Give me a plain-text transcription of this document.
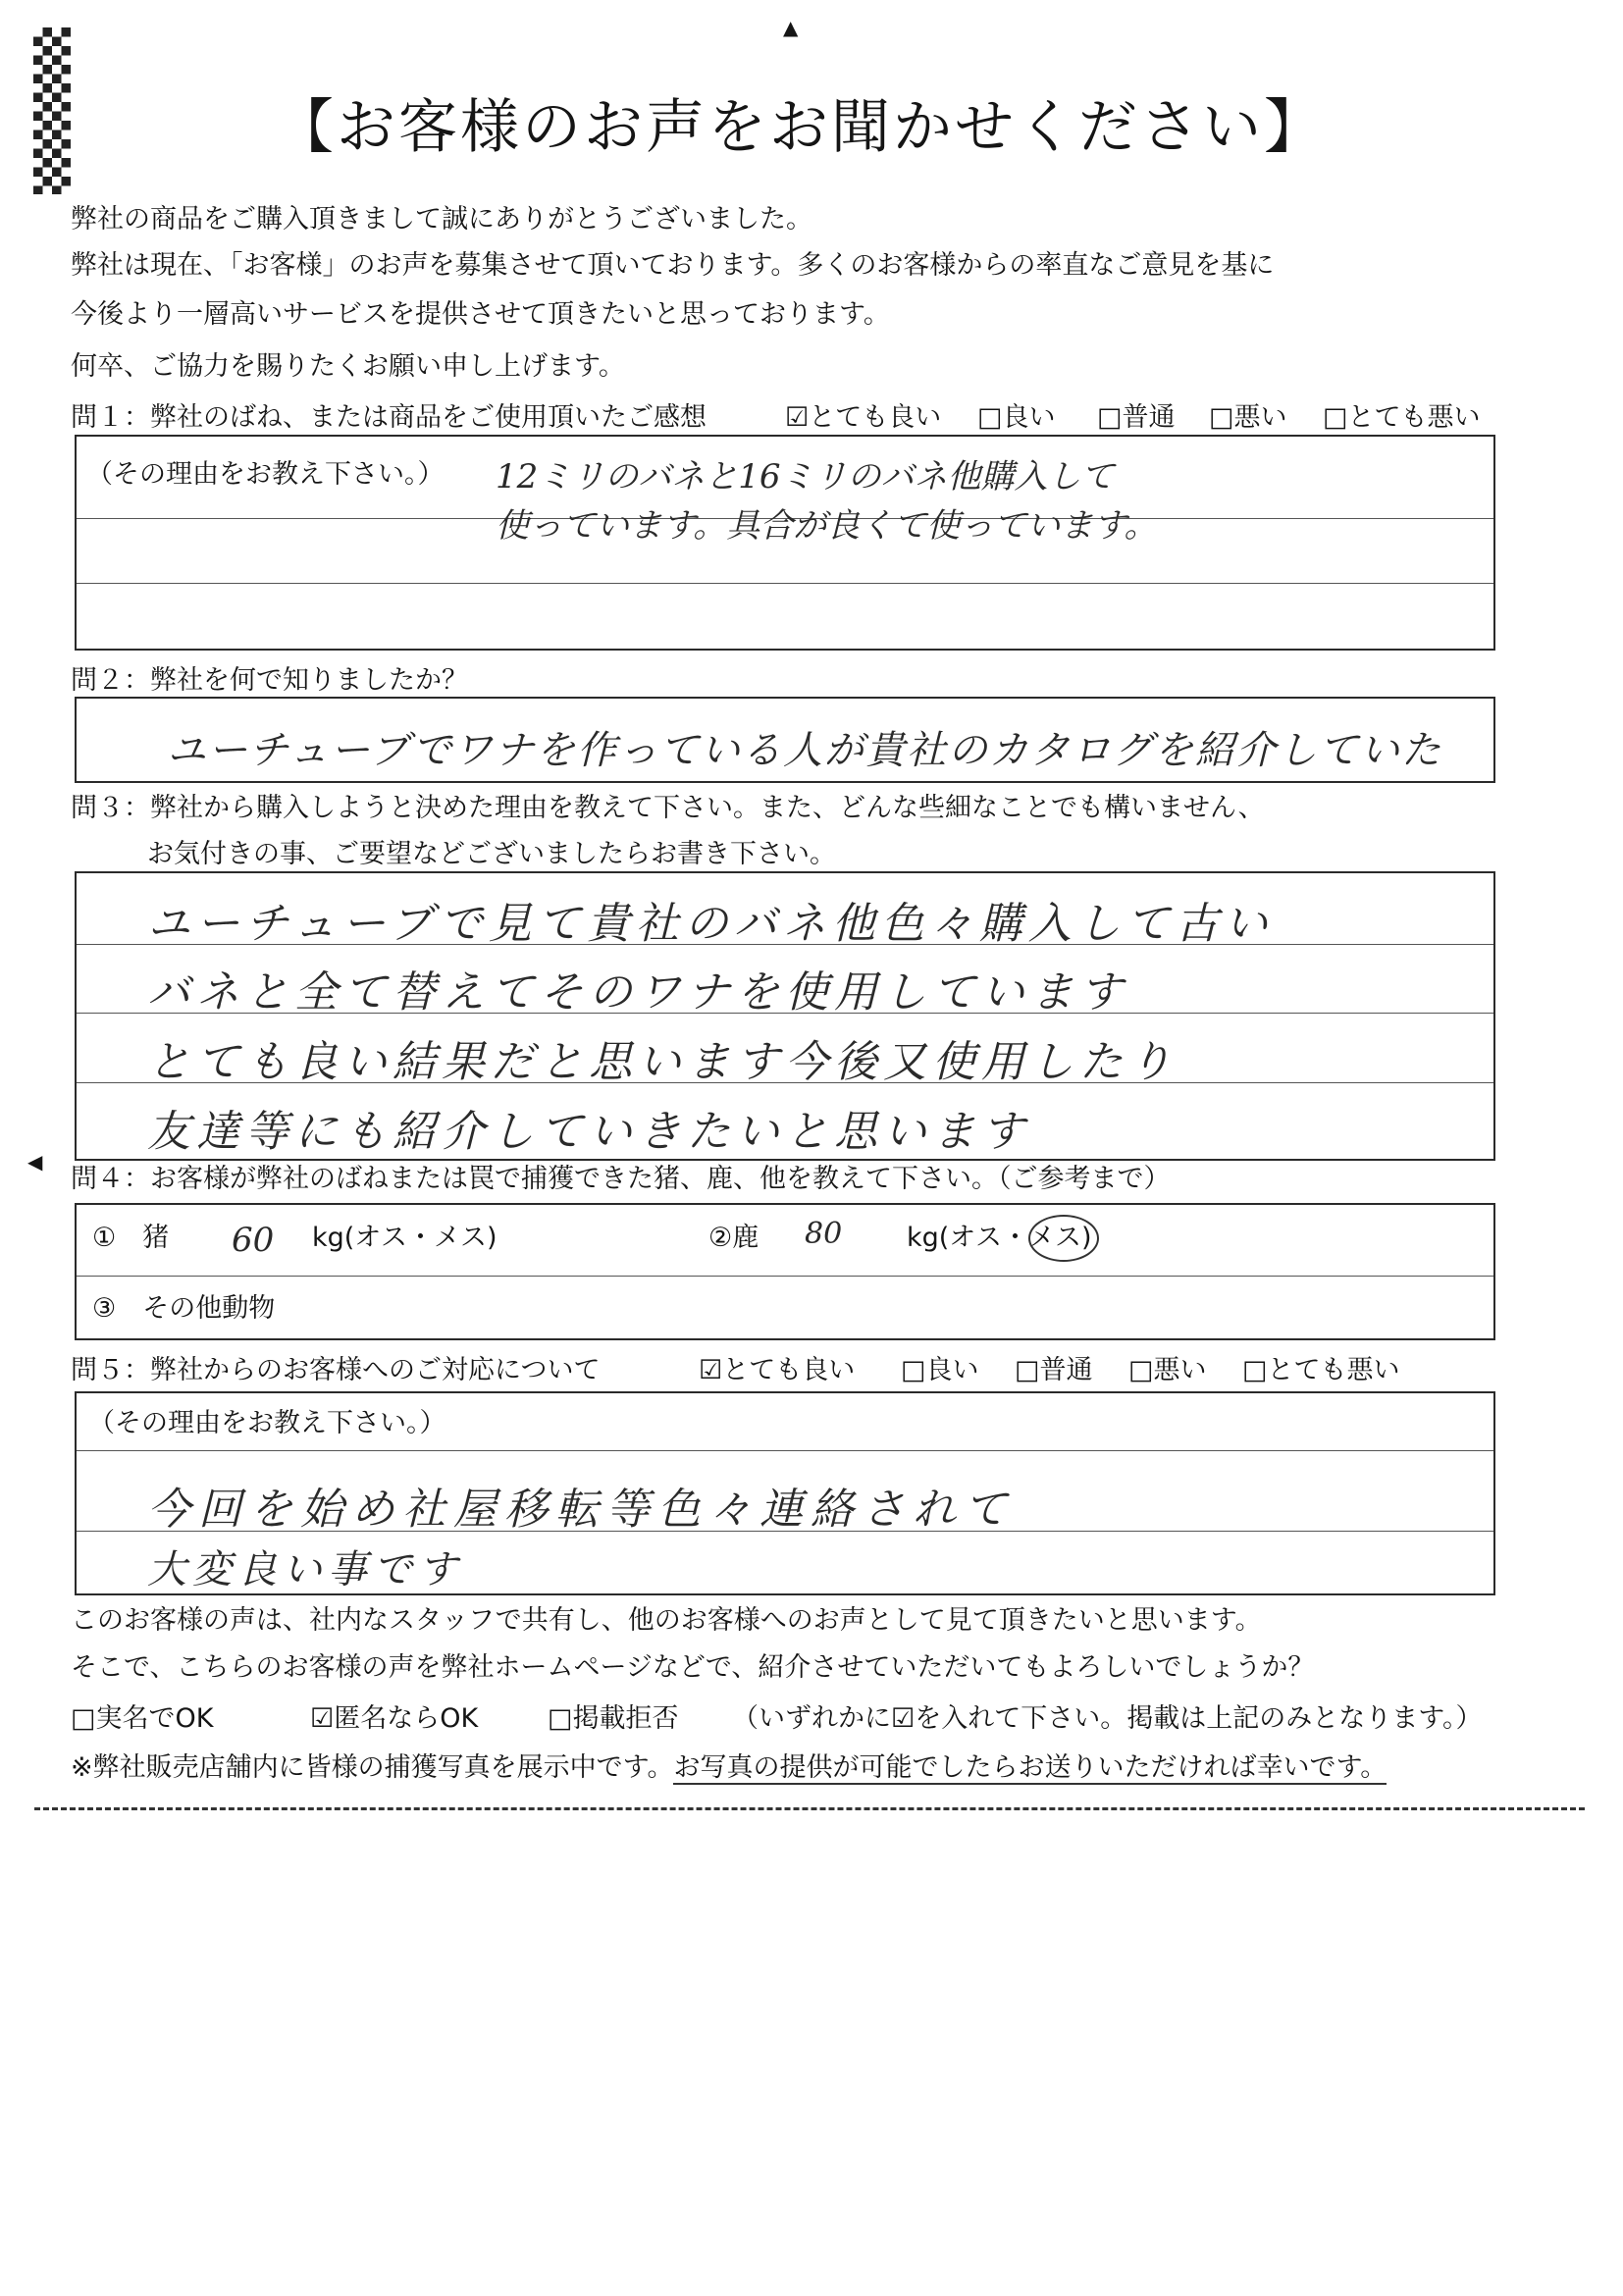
▲
◀
【お客様のお声をお聞かせください】
弊社の商品をご購入頂きまして誠にありがとうございました。
弊社は現在、「お客様」のお声を募集させて頂いております。多くのお客様からの率直なご意見を基に
今後より一層高いサービスを提供させて頂きたいと思っております。
何卒、ご協力を賜りたくお願い申し上げます。
問１：弊社のばね、または商品をご使用頂いたご感想	☑とても良い □良い □普通 □悪い □とても悪い
（その理由をお教え下さい。） 12ミリのバネと16ミリのバネ他購入して
使っています。具合が良くて使っています。
問２：弊社を何で知りましたか？
ユーチューブでワナを作っている人が貴社のカタログを紹介していた
問３：弊社から購入しようと決めた理由を教えて下さい。また、どんな些細なことでも構いません、
お気付きの事、ご要望などございましたらお書き下さい。
ユーチューブで見て貴社のバネ他色々購入して古い
バネと全て替えてそのワナを使用しています
とても良い結果だと思います今後又使用したり
友達等にも紹介していきたいと思います
問４：お客様が弊社のばねまたは罠で捕獲できた猪、鹿、他を教えて下さい。（ご参考まで）
①　猪 60 kg(オス・メス)	②鹿 80 kg(オス・メス)
③　その他動物
問５：弊社からのお客様へのご対応について	☑とても良い □良い □普通 □悪い □とても悪い
（その理由をお教え下さい。）
今回を始め社屋移転等色々連絡されて
大変良い事です
このお客様の声は、社内なスタッフで共有し、他のお客様へのお声として見て頂きたいと思います。
そこで、こちらのお客様の声を弊社ホームページなどで、紹介させていただいてもよろしいでしょうか？
□実名でOK	☑匿名ならOK	□掲載拒否 （いずれかに☑を入れて下さい。掲載は上記のみとなります。）
※弊社販売店舗内に皆様の捕獲写真を展示中です。お写真の提供が可能でしたらお送りいただければ幸いです。
